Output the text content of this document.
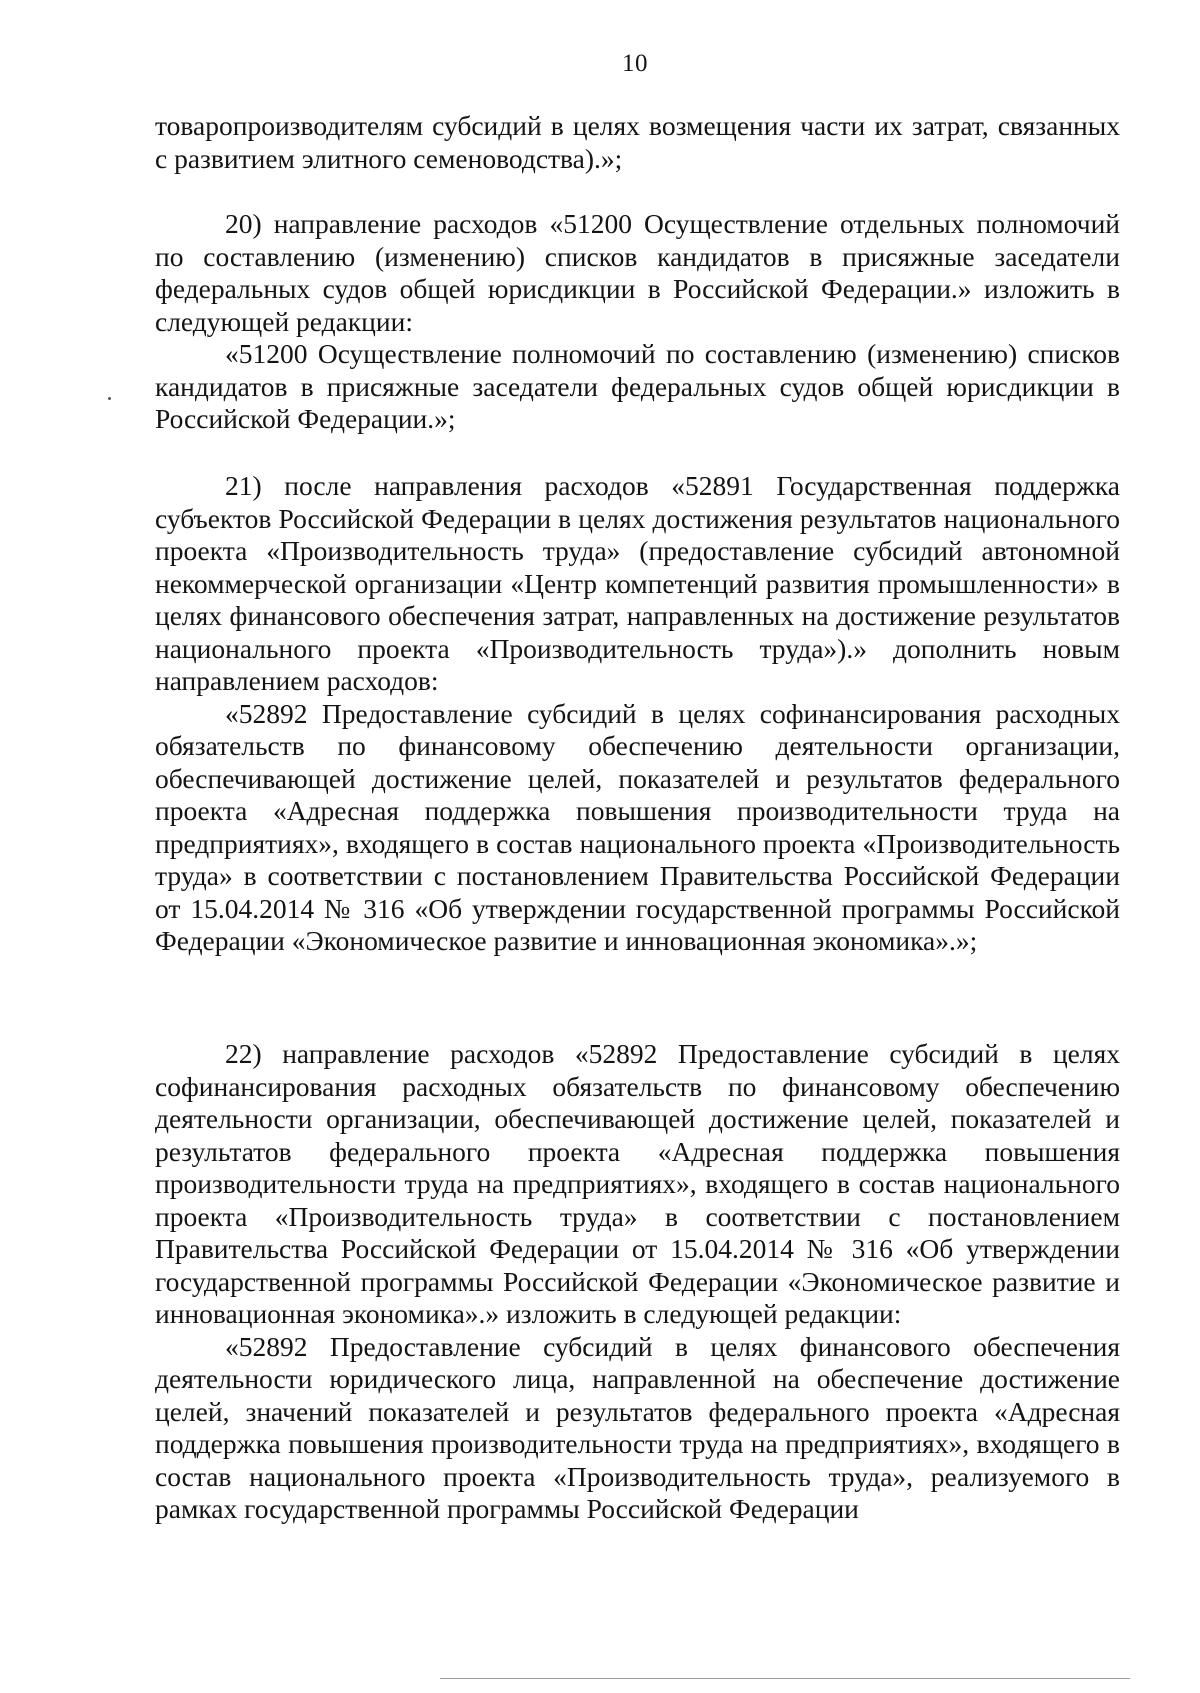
10

товаропроизводителям субсидий в целях возмещения части их затрат, связанных с развитием элитного семеноводства).»;

20) направление расходов «51200 Осуществление отдельных полномочий по составлению (изменению) списков кандидатов в присяжные заседатели федеральных судов общей юрисдикции в Российской Федерации.» изложить в следующей редакции:

«51200 Осуществление полномочий по составлению (изменению) списков кандидатов в присяжные заседатели федеральных судов общей юрисдикции в Российской Федерации.»;

21) после направления расходов «52891 Государственная поддержка субъектов Российской Федерации в целях достижения результатов национального проекта «Производительность труда» (предоставление субсидий автономной некоммерческой организации «Центр компетенций развития промышленности» в целях финансового обеспечения затрат, направленных на достижение результатов национального проекта «Производительность труда»).» дополнить новым направлением расходов:

«52892 Предоставление субсидий в целях софинансирования расходных обязательств по финансовому обеспечению деятельности организации, обеспечивающей достижение целей, показателей и результатов федерального проекта «Адресная поддержка повышения производительности труда на предприятиях», входящего в состав национального проекта «Производительность труда» в соответствии с постановлением Правительства Российской Федерации от 15.04.2014 № 316 «Об утверждении государственной программы Российской Федерации «Экономическое развитие и инновационная экономика».»;

22) направление расходов «52892 Предоставление субсидий в целях софинансирования расходных обязательств по финансовому обеспечению деятельности организации, обеспечивающей достижение целей, показателей и результатов федерального проекта «Адресная поддержка повышения производительности труда на предприятиях», входящего в состав национального проекта «Производительность труда» в соответствии с постановлением Правительства Российской Федерации от 15.04.2014 № 316 «Об утверждении государственной программы Российской Федерации «Экономическое развитие и инновационная экономика».» изложить в следующей редакции:

«52892 Предоставление субсидий в целях финансового обеспечения деятельности юридического лица, направленной на обеспечение достижение целей, значений показателей и результатов федерального проекта «Адресная поддержка повышения производительности труда на предприятиях», входящего в состав национального проекта «Производительность труда», реализуемого в рамках государственной программы Российской Федерации
